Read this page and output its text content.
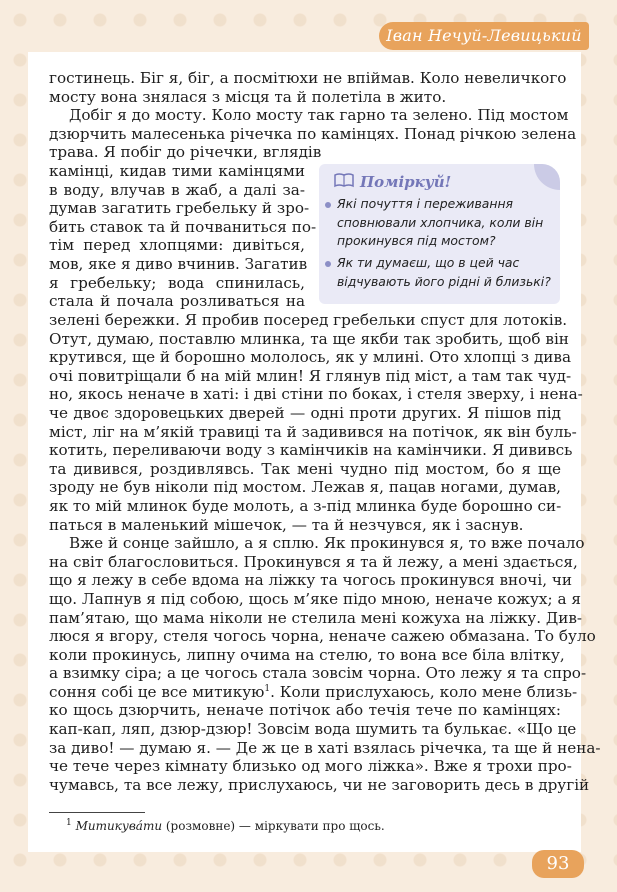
Іван Нечуй-Левицький
гостинець. Біг я, біг, а посмітюхи не впіймав. Коло невеличкого
мосту вона знялася з місця та й полетіла в жито.
Добіг я до мосту. Коло мосту так гарно та зелено. Під мостом
дзюрчить малесенька річечка по камінцях. Понад річкою зелена
трава. Я побіг до річечки, вглядів
камінці, кидав тими камінцями
в воду, влучав в жаб, а далі за-
думав загатить гребельку й зро-
бить ставок та й почваниться по-
тім перед хлопцями: дивіться,
мов, яке я диво вчинив. Загатив
я гребельку; вода спинилась,
стала й почала розливаться на
зелені бережки. Я пробив посеред гребельки спуст для лотоків.
Отут, думаю, поставлю млинка, та ще якби так зробить, щоб він
крутився, ще й борошно мололось, як у млині. Ото хлопці з дива
очі повитріщали б на мій млин! Я глянув під міст, а там так чуд-
но, якось неначе в хаті: і дві стіни по боках, і стеля зверху, і нена-
че двоє здоровецьких дверей — одні проти других. Я пішов під
міст, ліг на м’якій травиці та й задивився на потічок, як він буль-
котить, переливаючи воду з камінчиків на камінчики. Я дививсь
та дивився, роздивлявсь. Так мені чудно під мостом, бо я ще
зроду не був ніколи під мостом. Лежав я, пацав ногами, думав,
як то мій млинок буде молоть, а з-під млинка буде борошно си-
паться в маленький мішечок, — та й незчувся, як і заснув.
Вже й сонце зайшло, а я сплю. Як прокинувся я, то вже почало
на світ благословиться. Прокинувся я та й лежу, а мені здається,
що я лежу в себе вдома на ліжку та чогось прокинувся вночі, чи
що. Лапнув я під собою, щось м’яке підо мною, неначе кожух; а я
пам’ятаю, що мама ніколи не стелила мені кожуха на ліжку. Див-
люся я вгору, стеля чогось чорна, неначе сажею обмазана. То було
коли прокинусь, липну очима на стелю, то вона все біла влітку,
а взимку сіра; а це чогось стала зовсім чорна. Ото лежу я та спро-
соння собі це все митикую$^1$. Коли прислухаюсь, коло мене близь-
ко щось дзюрчить, неначе потічок або течія тече по камінцях:
кап-кап, ляп, дзюр-дзюр! Зовсім вода шумить та булькає. «Що це
за диво! — думаю я. — Де ж це в хаті взялась річечка, та ще й нена-
че тече через кімнату близько од мого ліжка». Вже я трохи про-
чумавсь, та все лежу, прислухаюсь, чи не заговорить десь в другій
Поміркуй!
Які почуття і переживання
сповнювали хлопчика, коли він
прокинувся під мостом?
Як ти думаєш, що в цей час
відчувають його рідні й близькі?
$^1$ Митикувáти (розмовне) — міркувати про щось.
93
